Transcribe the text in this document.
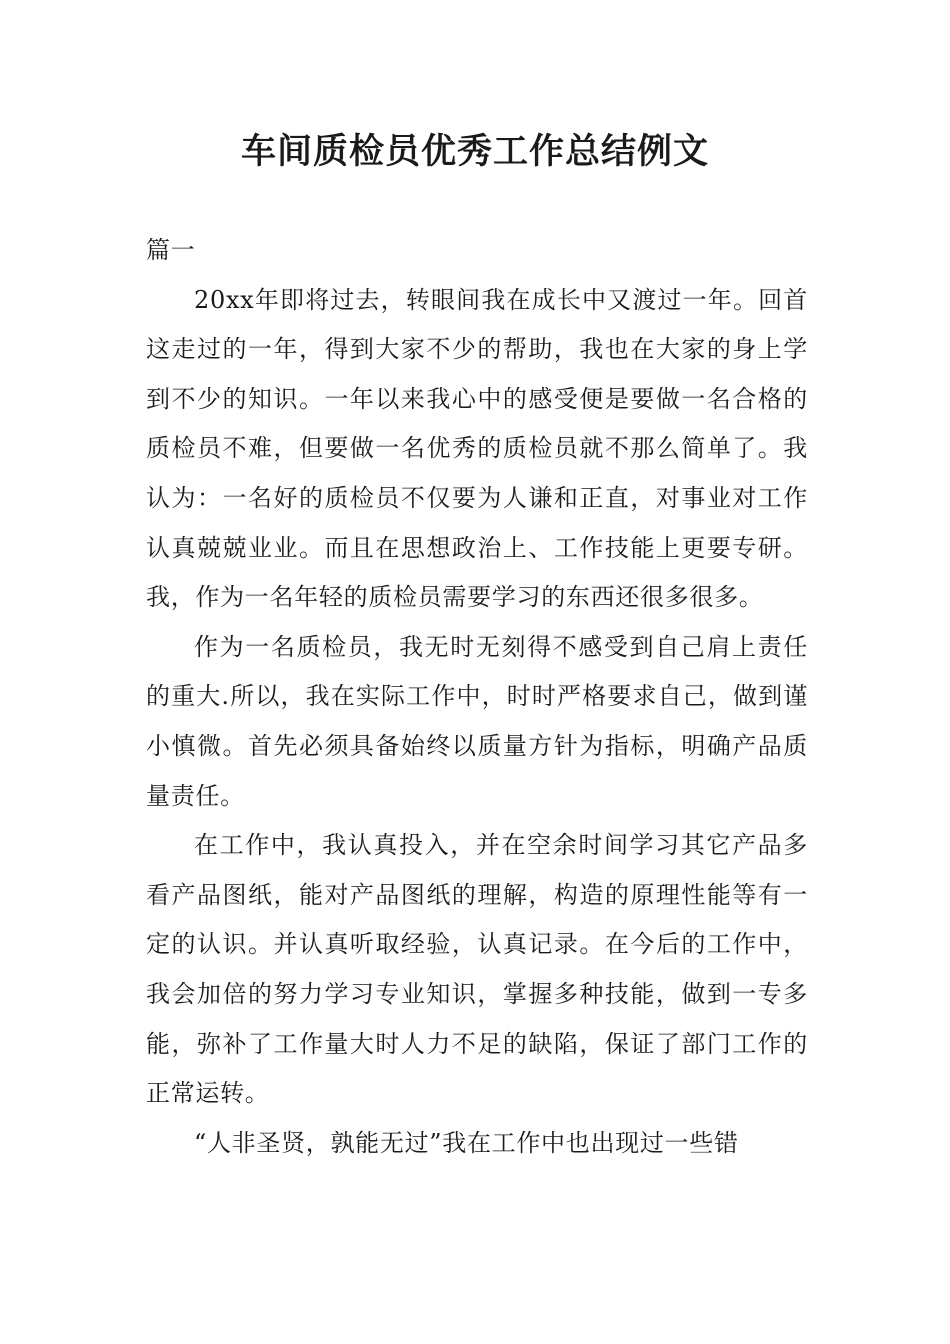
车间质检员优秀工作总结例文

篇一

20xx年即将过去，转眼间我在成长中又渡过一年。回首这走过的一年，得到大家不少的帮助，我也在大家的身上学到不少的知识。一年以来我心中的感受便是要做一名合格的质检员不难，但要做一名优秀的质检员就不那么简单了。我认为：一名好的质检员不仅要为人谦和正直，对事业对工作认真兢兢业业。而且在思想政治上、工作技能上更要专研。我，作为一名年轻的质检员需要学习的东西还很多很多。

作为一名质检员，我无时无刻得不感受到自己肩上责任的重大.所以，我在实际工作中，时时严格要求自己，做到谨小慎微。首先必须具备始终以质量方针为指标，明确产品质量责任。

在工作中，我认真投入，并在空余时间学习其它产品多看产品图纸，能对产品图纸的理解，构造的原理性能等有一定的认识。并认真听取经验，认真记录。在今后的工作中，我会加倍的努力学习专业知识，掌握多种技能，做到一专多能，弥补了工作量大时人力不足的缺陷，保证了部门工作的正常运转。

“人非圣贤，孰能无过”我在工作中也出现过一些错
